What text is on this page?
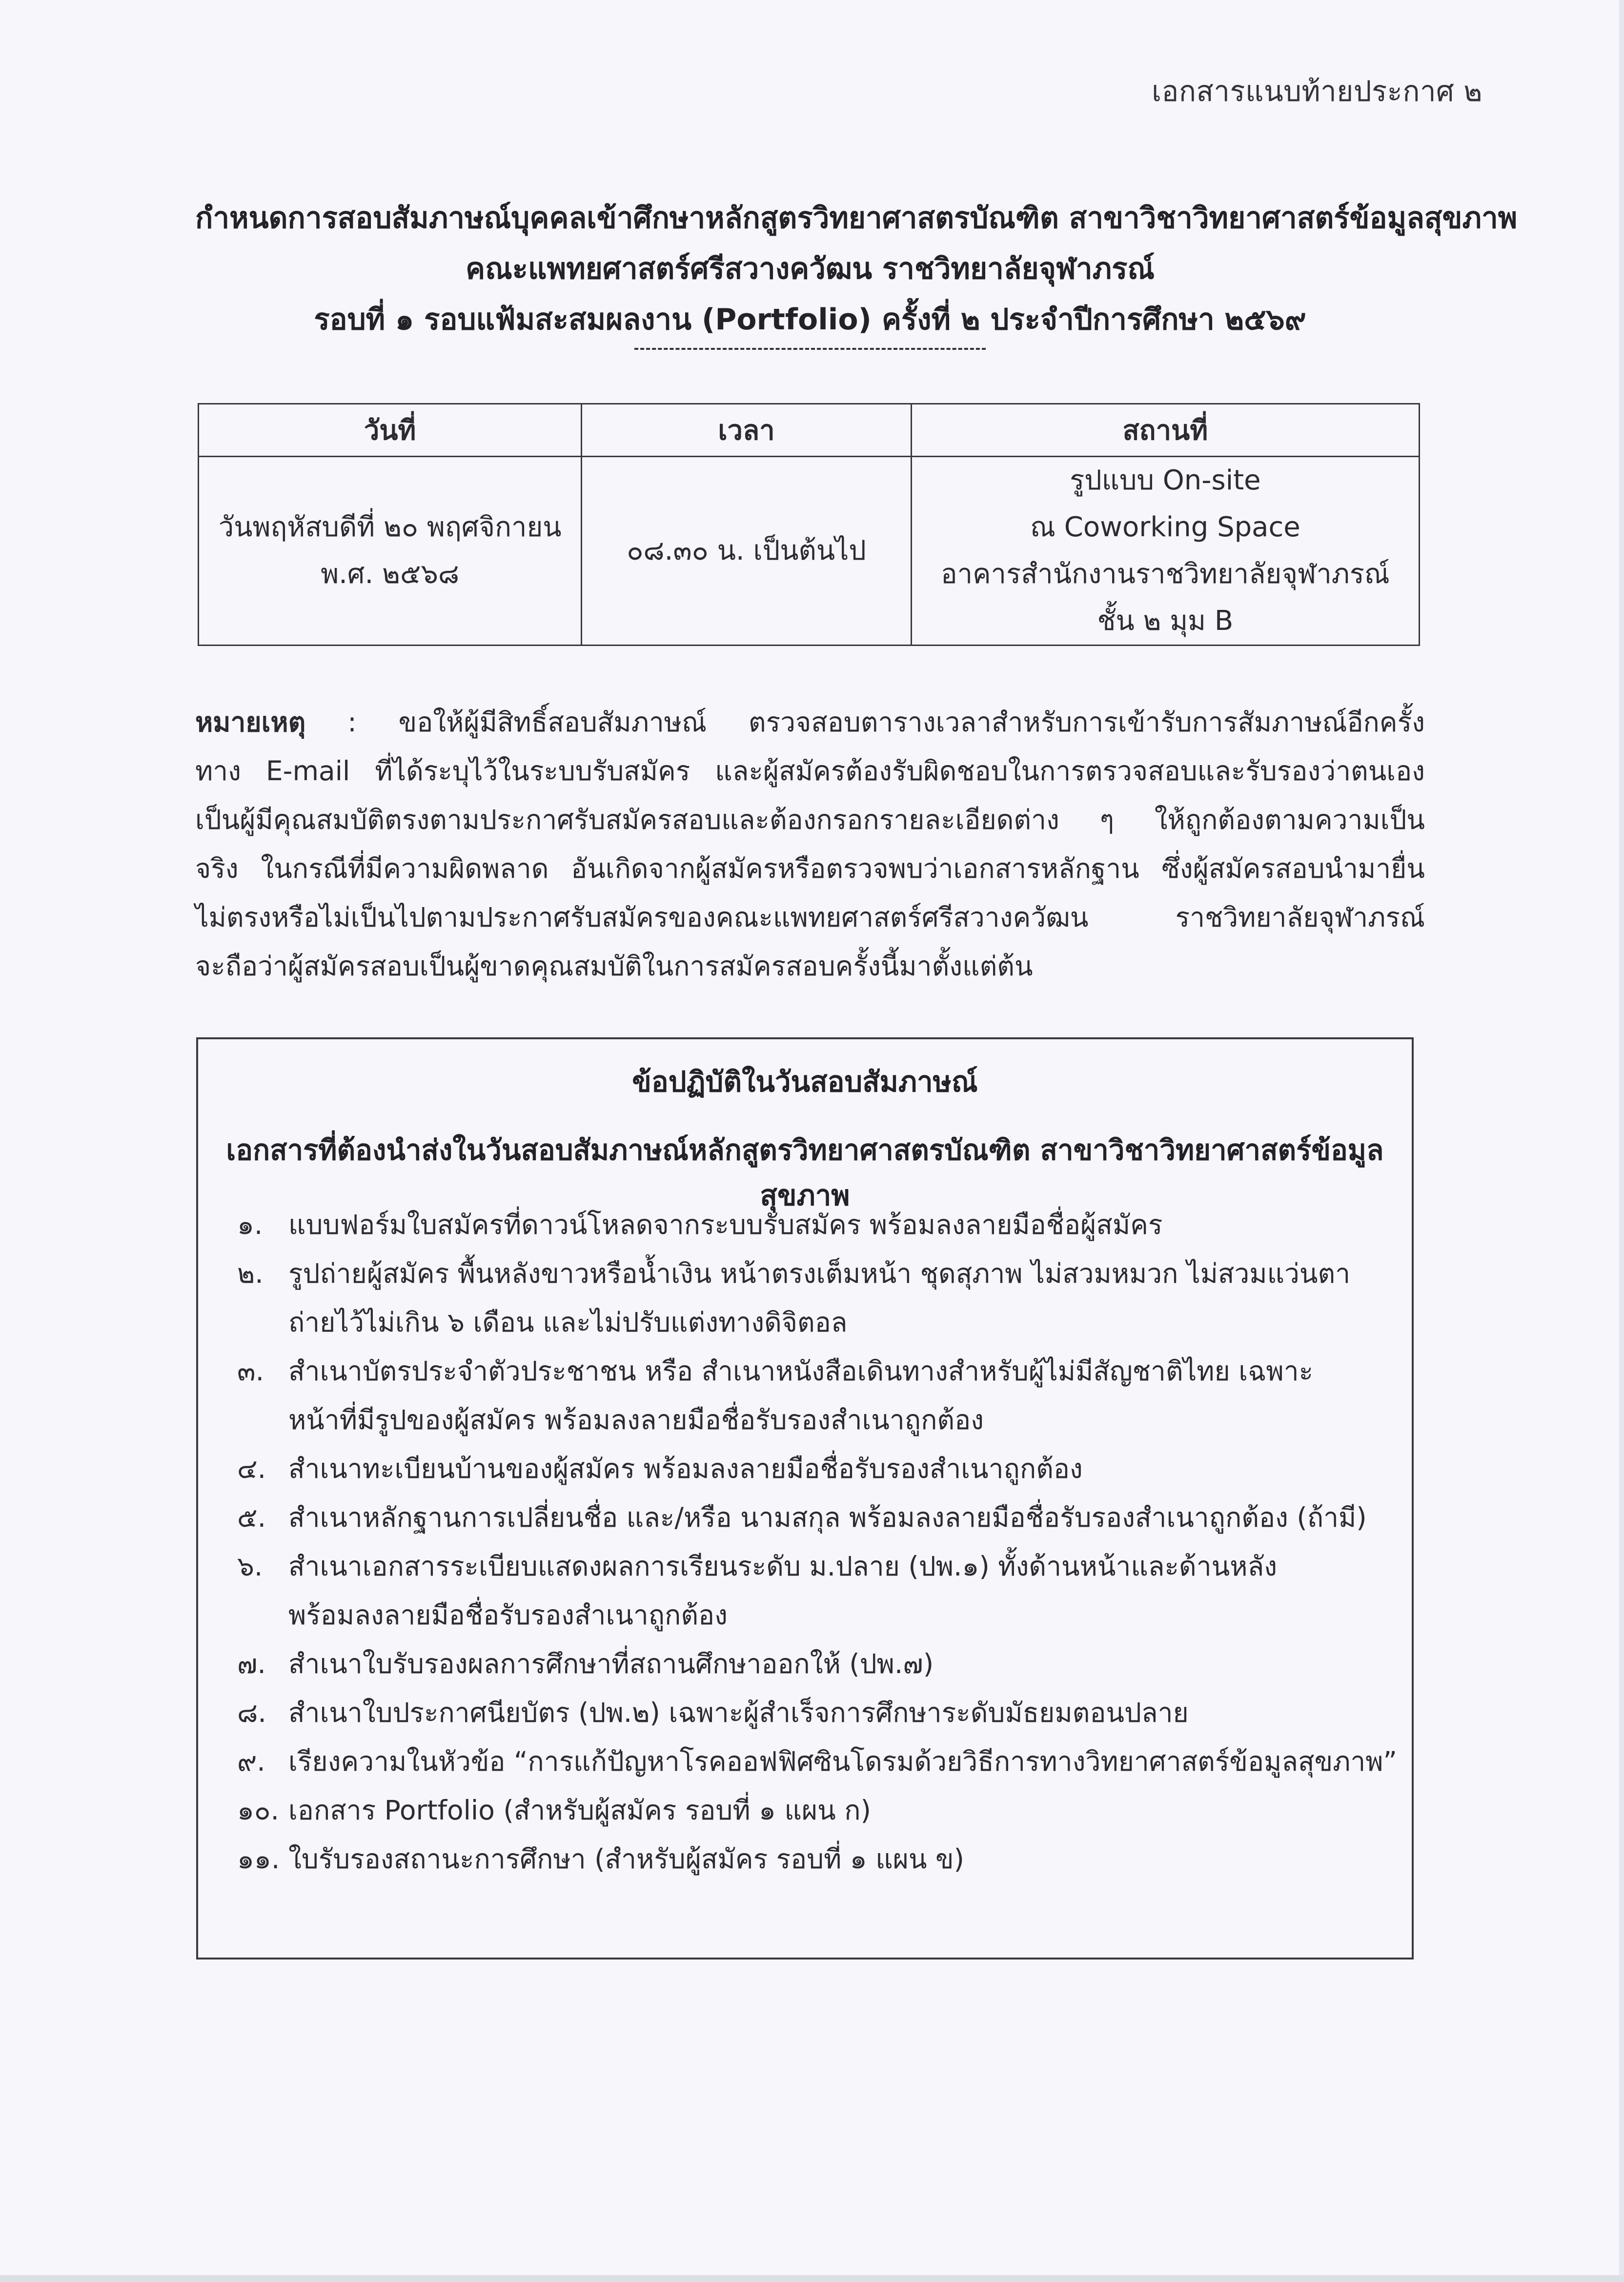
เอกสารแนบท้ายประกาศ ๒
กำหนดการสอบสัมภาษณ์บุคคลเข้าศึกษาหลักสูตรวิทยาศาสตรบัณฑิต สาขาวิชาวิทยาศาสตร์ข้อมูลสุขภาพ
คณะแพทยศาสตร์ศรีสวางควัฒน ราชวิทยาลัยจุฬาภรณ์
รอบที่ ๑ รอบแฟ้มสะสมผลงาน (Portfolio) ครั้งที่ ๒ ประจำปีการศึกษา ๒๕๖๙
วันที่	เวลา	สถานที่

วันพฤหัสบดีที่ ๒๐ พฤศจิกายน
พ.ศ. ๒๕๖๘	๐๘.๓๐ น. เป็นต้นไป	รูปแบบ On-site
ณ Coworking Space
อาคารสำนักงานราชวิทยาลัยจุฬาภรณ์
ชั้น ๒ มุม B
หมายเหตุ : ขอให้ผู้มีสิทธิ์สอบสัมภาษณ์ ตรวจสอบตารางเวลาสำหรับการเข้ารับการสัมภาษณ์อีกครั้ง
ทาง E-mail ที่ได้ระบุไว้ในระบบรับสมัคร และผู้สมัครต้องรับผิดชอบในการตรวจสอบและรับรองว่าตนเอง
เป็นผู้มีคุณสมบัติตรงตามประกาศรับสมัครสอบและต้องกรอกรายละเอียดต่าง ๆ ให้ถูกต้องตามความเป็น
จริง ในกรณีที่มีความผิดพลาด อันเกิดจากผู้สมัครหรือตรวจพบว่าเอกสารหลักฐาน ซึ่งผู้สมัครสอบนำมายื่น
ไม่ตรงหรือไม่เป็นไปตามประกาศรับสมัครของคณะแพทยศาสตร์ศรีสวางควัฒน ราชวิทยาลัยจุฬาภรณ์
จะถือว่าผู้สมัครสอบเป็นผู้ขาดคุณสมบัติในการสมัครสอบครั้งนี้มาตั้งแต่ต้น
ข้อปฏิบัติในวันสอบสัมภาษณ์
เอกสารที่ต้องนำส่งในวันสอบสัมภาษณ์หลักสูตรวิทยาศาสตรบัณฑิต สาขาวิชาวิทยาศาสตร์ข้อมูลสุขภาพ
๑. แบบฟอร์มใบสมัครที่ดาวน์โหลดจากระบบรับสมัคร พร้อมลงลายมือชื่อผู้สมัคร
๒. รูปถ่ายผู้สมัคร พื้นหลังขาวหรือน้ำเงิน หน้าตรงเต็มหน้า ชุดสุภาพ ไม่สวมหมวก ไม่สวมแว่นตา
ถ่ายไว้ไม่เกิน ๖ เดือน และไม่ปรับแต่งทางดิจิตอล
๓. สำเนาบัตรประจำตัวประชาชน หรือ สำเนาหนังสือเดินทางสำหรับผู้ไม่มีสัญชาติไทย เฉพาะ
หน้าที่มีรูปของผู้สมัคร พร้อมลงลายมือชื่อรับรองสำเนาถูกต้อง
๔. สำเนาทะเบียนบ้านของผู้สมัคร พร้อมลงลายมือชื่อรับรองสำเนาถูกต้อง
๕. สำเนาหลักฐานการเปลี่ยนชื่อ และ/หรือ นามสกุล พร้อมลงลายมือชื่อรับรองสำเนาถูกต้อง (ถ้ามี)
๖. สำเนาเอกสารระเบียบแสดงผลการเรียนระดับ ม.ปลาย (ปพ.๑) ทั้งด้านหน้าและด้านหลัง
พร้อมลงลายมือชื่อรับรองสำเนาถูกต้อง
๗. สำเนาใบรับรองผลการศึกษาที่สถานศึกษาออกให้ (ปพ.๗)
๘. สำเนาใบประกาศนียบัตร (ปพ.๒) เฉพาะผู้สำเร็จการศึกษาระดับมัธยมตอนปลาย
๙. เรียงความในหัวข้อ “การแก้ปัญหาโรคออฟฟิศซินโดรมด้วยวิธีการทางวิทยาศาสตร์ข้อมูลสุขภาพ”
๑๐. เอกสาร Portfolio (สำหรับผู้สมัคร รอบที่ ๑ แผน ก)
๑๑. ใบรับรองสถานะการศึกษา (สำหรับผู้สมัคร รอบที่ ๑ แผน ข)
